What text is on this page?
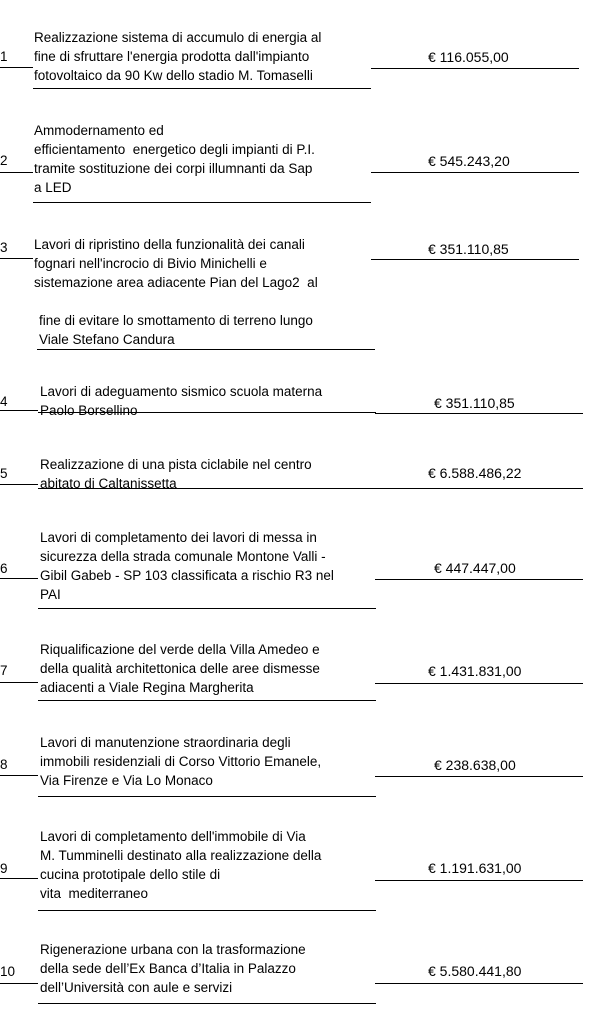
1

Realizzazione sistema di accumulo di energia al
fine di sfruttare l'energia prodotta dall'impianto
fotovoltaico da 90 Kw dello stadio M. Tomaselli

€ 116.055,00
2

Ammodernamento ed
efficientamento  energetico degli impianti di P.I.
tramite sostituzione dei corpi illumnanti da Sap
a LED

€ 545.243,20
3 Lavori di ripristino della funzionalità dei canali
fognari nell'incrocio di Bivio Minichelli e
sistemazione area adiacente Pian del Lago2  al

fine di evitare lo smottamento di terreno lungo
Viale Stefano Candura

€ 351.110,85
4

Lavori di adeguamento sismico scuola materna
Paolo Borsellino	€ 351.110,85
5

Realizzazione di una pista ciclabile nel centro
abitato di Caltanissetta

€ 6.588.486,22
6

Lavori di completamento dei lavori di messa in
sicurezza della strada comunale Montone Valli -
Gibil Gabeb - SP 103 classificata a rischio R3 nel
PAI

€ 447.447,00
7

Riqualificazione del verde della Villa Amedeo e
della qualità architettonica delle aree dismesse
adiacenti a Viale Regina Margherita

€ 1.431.831,00
8

Lavori di manutenzione straordinaria degli
immobili residenziali di Corso Vittorio Emanele,
Via Firenze e Via Lo Monaco

€ 238.638,00
9

Lavori di completamento dell'immobile di Via
M. Tumminelli destinato alla realizzazione della
cucina prototipale dello stile di
vita  mediterraneo

€ 1.191.631,00
10

Rigenerazione urbana con la trasformazione
della sede dell’Ex Banca d’Italia in Palazzo
dell’Università con aule e servizi

€ 5.580.441,80
